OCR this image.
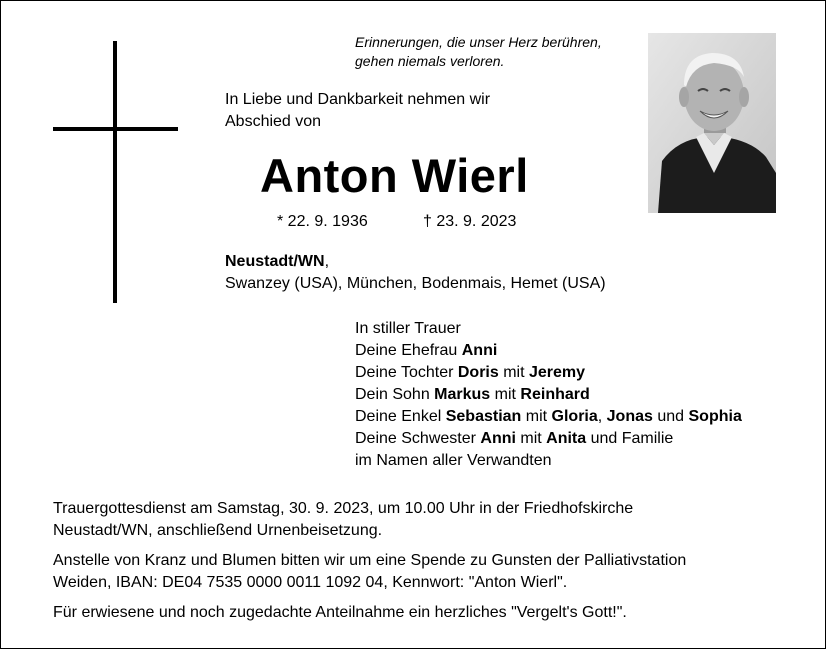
Erinnerungen, die unser Herz berühren,
gehen niemals verloren.
In Liebe und Dankbarkeit nehmen wir
Abschied von
Anton Wierl
* 22. 9. 1936	† 23. 9. 2023
Neustadt/WN,
Swanzey (USA), München, Bodenmais, Hemet (USA)
In stiller Trauer
Deine Ehefrau Anni
Deine Tochter Doris mit Jeremy
Dein Sohn Markus mit Reinhard
Deine Enkel Sebastian mit Gloria, Jonas und Sophia
Deine Schwester Anni mit Anita und Familie
im Namen aller Verwandten

Trauergottesdienst am Samstag, 30. 9. 2023, um 10.00 Uhr in der Friedhofskirche
Neustadt/WN, anschließend Urnenbeisetzung.

Anstelle von Kranz und Blumen bitten wir um eine Spende zu Gunsten der Palliativstation
Weiden, IBAN: DE04 7535 0000 0011 1092 04, Kennwort: "Anton Wierl".

Für erwiesene und noch zugedachte Anteilnahme ein herzliches "Vergelt's Gott!".
